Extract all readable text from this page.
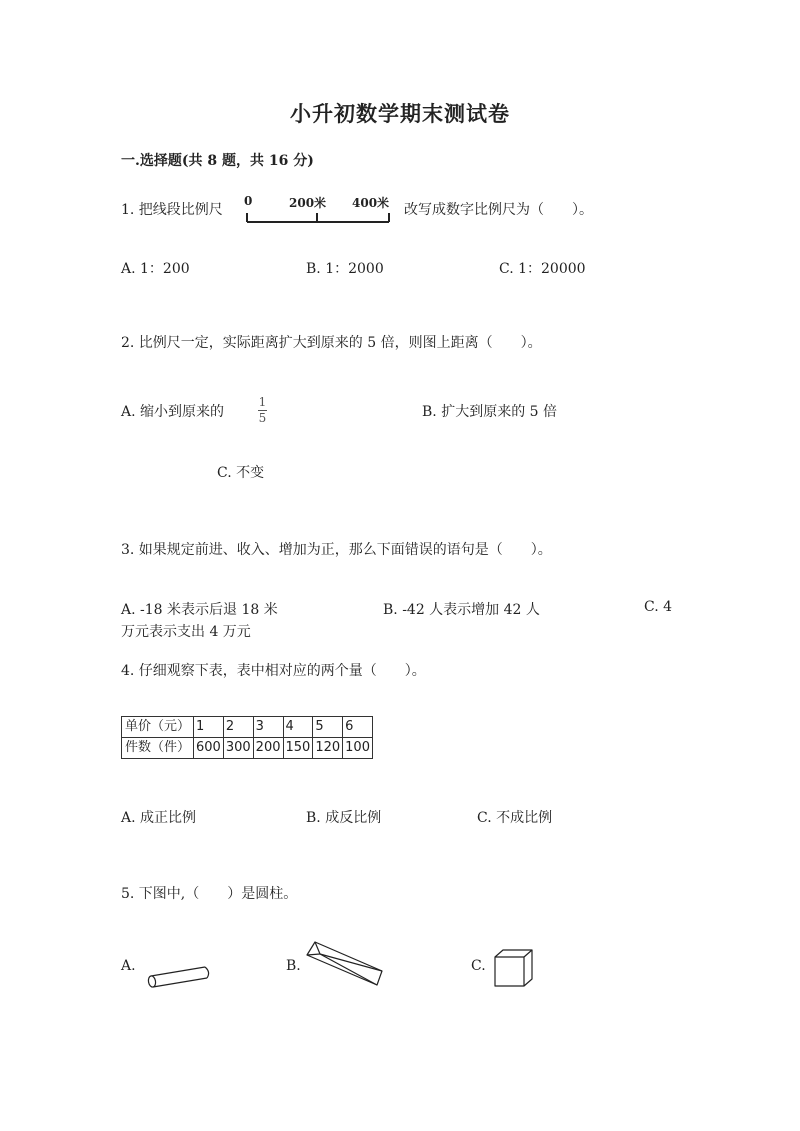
小升初数学期末测试卷
一.选择题(共 8 题，共 16 分)
1. 把线段比例尺
0	200米 400米 改写成数字比例尺为（　　）。
A. 1：200	B. 1：2000	C. 1：20000
2. 比例尺一定，实际距离扩大到原来的 5 倍，则图上距离（　　）。
A. 缩小到原来的
1
5	B. 扩大到原来的 5 倍
C. 不变
3. 如果规定前进、收入、增加为正，那么下面错误的语句是（　　）。
A. -18 米表示后退 18 米	B. -42 人表示增加 42 人	C. 4
万元表示支出 4 万元
4. 仔细观察下表，表中相对应的两个量（　　）。
单价（元）	1	2	3	4	5	6
件数（件）	600	300	200	150	120	100
A. 成正比例	B. 成反比例	C. 不成比例
5. 下图中,（　　）是圆柱。
A.	B.	C.
